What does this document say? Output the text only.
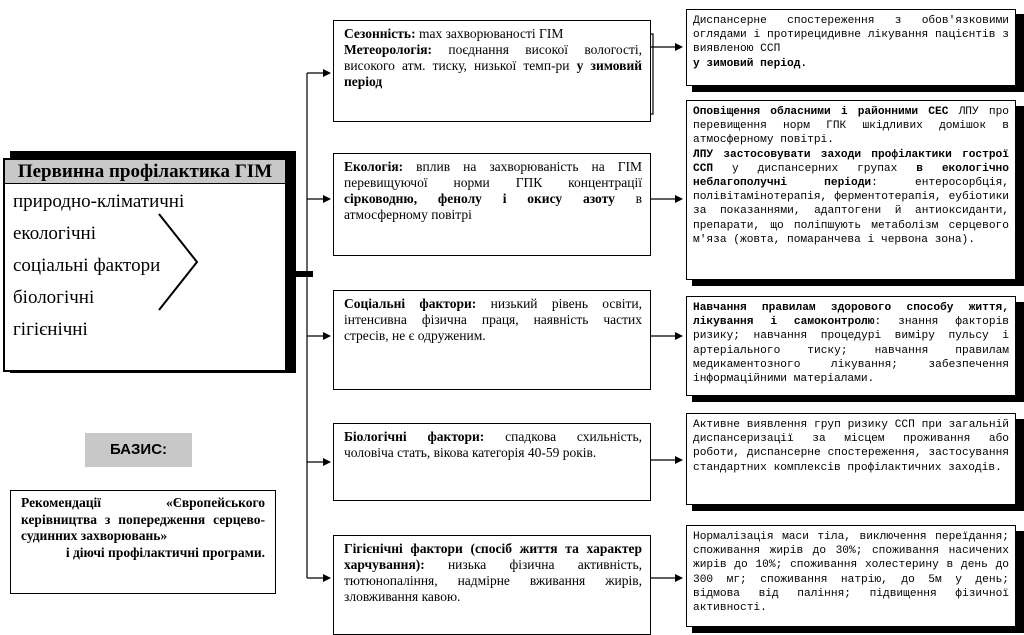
Первинна профілактика ГІМ
природно-кліматичні
екологічні
соціальні фактори
біологічні
гігієнічні
БАЗИС:
Рекомендації «Європейського керівництва з попередження серцево-судинних захворювань»
і діючі профілактичні програми.
Сезонність: max захворюваності ГІМ
Метеорологія: поєднання високої вологості, високого атм. тиску, низької темп-ри у зимовий період
Екологія: вплив на захворюваність на ГІМ перевищуючої норми ГПК концентрації сірководню, фенолу і окису азоту в атмосферному повітрі
Соціальні фактори: низький рівень освіти, інтенсивна фізична праця, наявність частих стресів, не є одруженим.
Біологічні фактори: спадкова схильність, чоловіча стать, вікова категорія 40-59 років.
Гігієнічні фактори (спосіб життя та характер харчування): низька фізична активність, тютюнопаління, надмірне вживання жирів, зловживання кавою.
Диспансерне спостереження з обов'язковими оглядами і протирецидивне лікування пацієнтів з виявленою ССП
у зимовий період.
Оповіщення обласними і районними СЕС ЛПУ про перевищення норм ГПК шкідливих домішок в атмосферному повітрі.
ЛПУ застосовувати заходи профілактики гострої ССП у диспансерних групах в екологічно неблагополучні періоди: ентеросорбція, полівітамінотерапія, ферментотерапія, еубіотики за показаннями, адаптогени й антиоксиданти, препарати, що поліпшують метаболізм серцевого м'яза (жовта, помаранчева і червона зона).
Навчання правилам здорового способу життя, лікування і самоконтролю: знання факторів ризику; навчання процедурі виміру пульсу і артеріального тиску; навчання правилам медикаментозного лікування; забезпечення інформаційними матеріалами.
Активне виявлення груп ризику ССП при загальній диспансеризації за місцем проживання або роботи, диспансерне спостереження, застосування стандартних комплексів профілактичних заходів.
Нормалізація маси тіла, виключення переїдання; споживання жирів до 30%; споживання насичених жирів до 10%; споживання холестерину в день до 300 мг; споживання натрію, до 5м у день; відмова від паління; підвищення фізичної активності.
